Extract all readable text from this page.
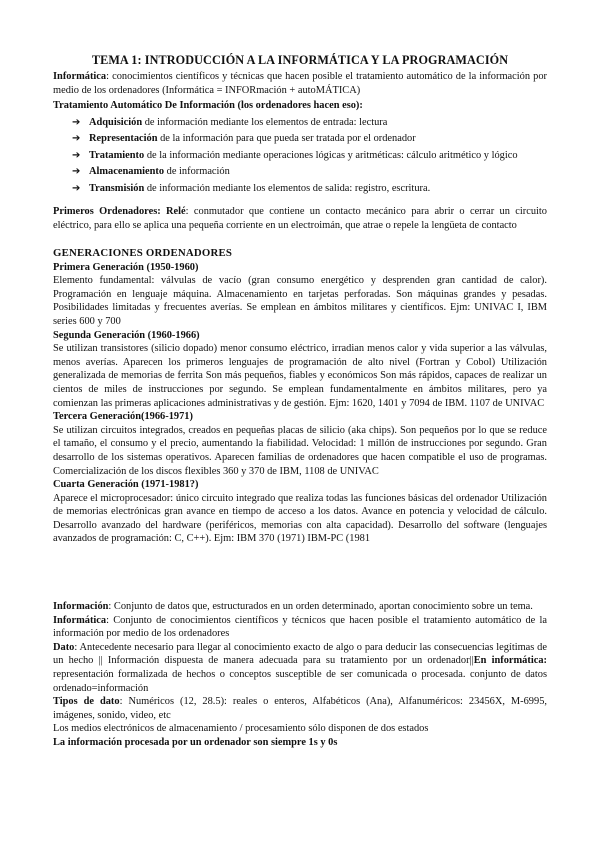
TEMA 1: INTRODUCCIÓN A LA INFORMÁTICA Y LA PROGRAMACIÓN
Informática: conocimientos científicos y técnicas que hacen posible el tratamiento automático de la información por medio de los ordenadores (Informática = INFORmación + autoMÁTICA)
Tratamiento Automático De Información (los ordenadores hacen eso):
➔ Adquisición de información mediante los elementos de entrada: lectura
➔ Representación de la información para que pueda ser tratada por el ordenador
➔ Tratamiento de la información mediante operaciones lógicas y aritméticas: cálculo aritmético y lógico
➔ Almacenamiento de información
➔ Transmisión de información mediante los elementos de salida: registro, escritura.
Primeros Ordenadores: Relé: conmutador que contiene un contacto mecánico para abrir o cerrar un circuito eléctrico, para ello se aplica una pequeña corriente en un electroimán, que atrae o repele la lengüeta de contacto
GENERACIONES ORDENADORES
Primera Generación (1950-1960)
Elemento fundamental: válvulas de vacío (gran consumo energético y desprenden gran cantidad de calor). Programación en lenguaje máquina. Almacenamiento en tarjetas perforadas. Son máquinas grandes y pesadas. Posibilidades limitadas y frecuentes averías. Se emplean en ámbitos militares y científicos. Ejm: UNIVAC I, IBM series 600 y 700
Segunda Generación (1960-1966)
Se utilizan transistores (silicio dopado) menor consumo eléctrico, irradian menos calor y vida superior a las válvulas, menos averías. Aparecen los primeros lenguajes de programación de alto nivel (Fortran y Cobol) Utilización generalizada de memorias de ferrita Son más pequeños, fiables y económicos Son más rápidos, capaces de realizar un cientos de miles de instrucciones por segundo. Se emplean fundamentalmente en ámbitos militares, pero ya comienzan las primeras aplicaciones administrativas y de gestión. Ejm: 1620, 1401 y 7094 de IBM. 1107 de UNIVAC
Tercera Generación(1966-1971)
Se utilizan circuitos integrados, creados en pequeñas placas de silicio (aka chips). Son pequeños por lo que se reduce el tamaño, el consumo y el precio, aumentando la fiabilidad. Velocidad: 1 millón de instrucciones por segundo. Gran desarrollo de los sistemas operativos. Aparecen familias de ordenadores que hacen compatible el uso de programas. Comercialización de los discos flexibles 360 y 370 de IBM, 1108 de UNIVAC
Cuarta Generación (1971-1981?)
Aparece el microprocesador: único circuito integrado que realiza todas las funciones básicas del ordenador Utilización de memorias electrónicas gran avance en tiempo de acceso a los datos. Avance en potencia y velocidad de cálculo. Desarrollo avanzado del hardware (periféricos, memorias con alta capacidad). Desarrollo del software (lenguajes avanzados de programación: C, C++). Ejm: IBM 370 (1971) IBM-PC (1981
Información: Conjunto de datos que, estructurados en un orden determinado, aportan conocimiento sobre un tema.
Informática: Conjunto de conocimientos científicos y técnicos que hacen posible el tratamiento automático de la información por medio de los ordenadores
Dato: Antecedente necesario para llegar al conocimiento exacto de algo o para deducir las consecuencias legítimas de un hecho || Información dispuesta de manera adecuada para su tratamiento por un ordenador||En informática: representación formalizada de hechos o conceptos susceptible de ser comunicada o procesada. conjunto de datos ordenado=información
Tipos de dato: Numéricos (12, 28.5): reales o enteros, Alfabéticos (Ana), Alfanuméricos: 23456X, M-6995, imágenes, sonido, video, etc
Los medios electrónicos de almacenamiento / procesamiento sólo disponen de dos estados
La información procesada por un ordenador son siempre 1s y 0s
